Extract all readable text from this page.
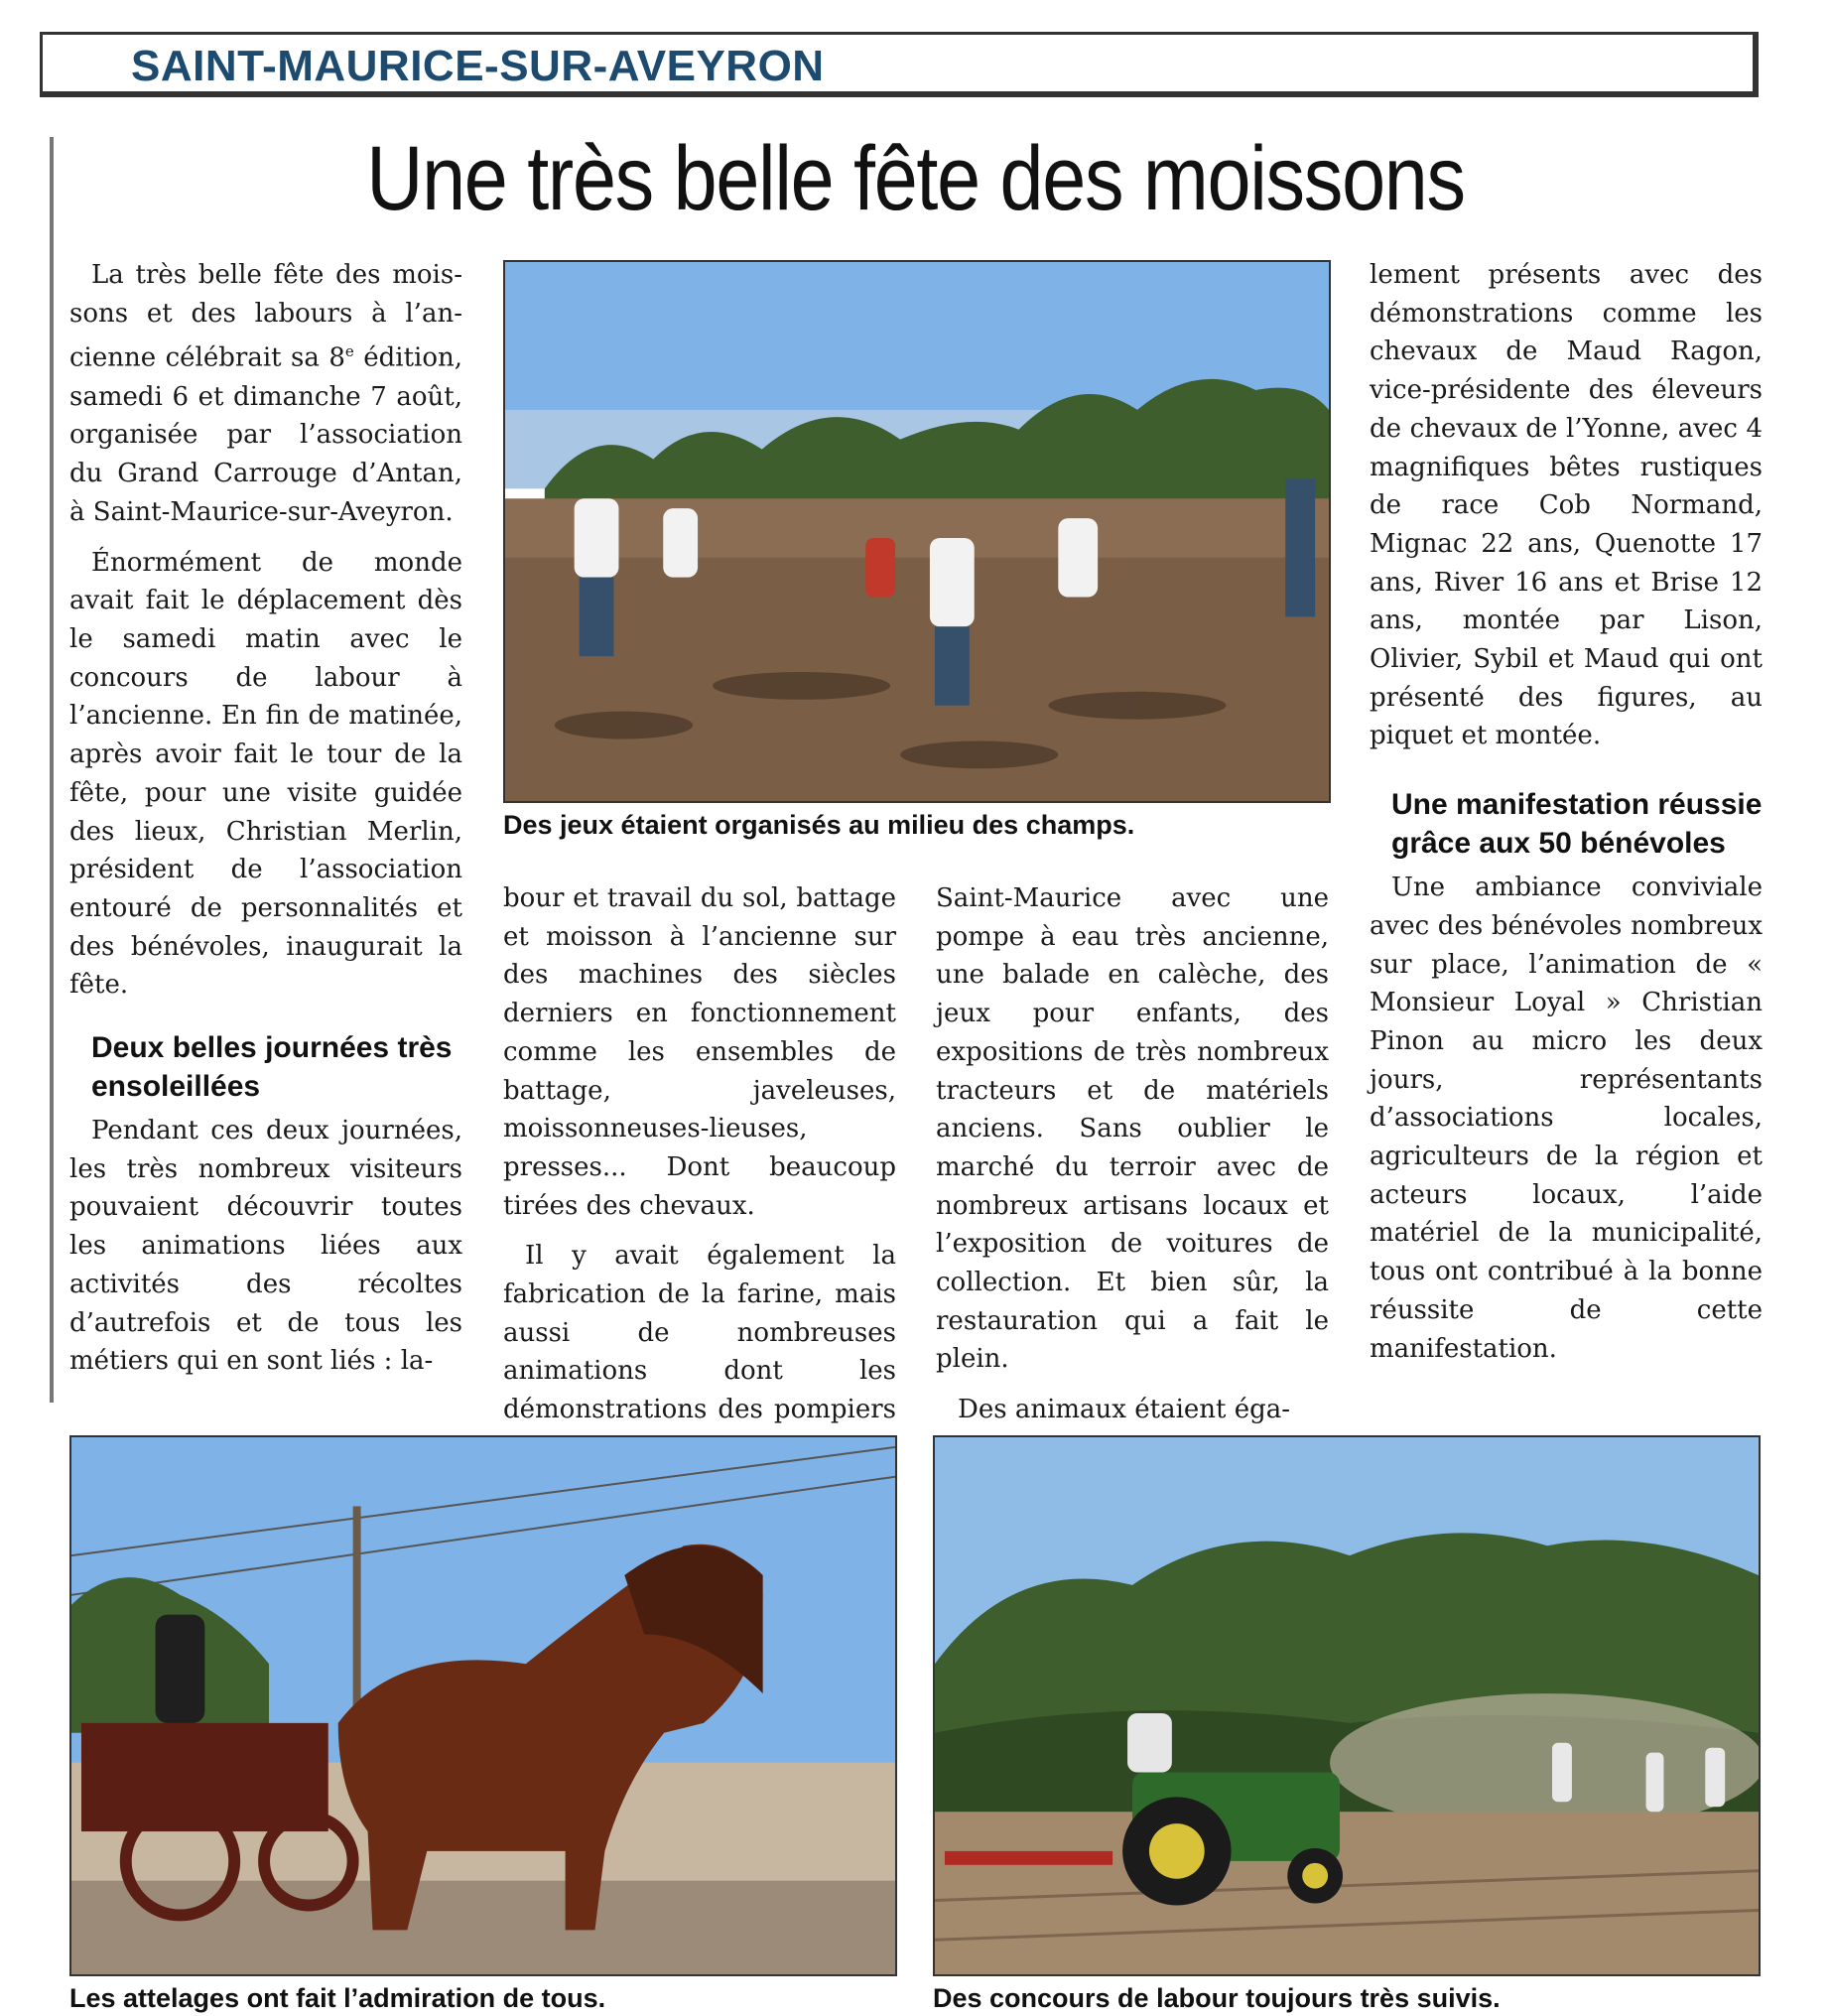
SAINT-MAURICE-SUR-AVEYRON
Une très belle fête des moissons

La très belle fête des moissons et des labours à l’ancienne célébrait sa 8e édition, samedi 6 et dimanche 7 août, organisée par l’association du Grand Carrouge d’Antan, à Saint-Maurice-sur-Aveyron.

Énormément de monde avait fait le déplacement dès le samedi matin avec le concours de labour à l’ancienne. En fin de matinée, après avoir fait le tour de la fête, pour une visite guidée des lieux, Christian Merlin, président de l’association entouré de personnalités et des bénévoles, inaugurait la fête.

Deux belles journées très ensoleillées

Pendant ces deux journées, les très nombreux visiteurs pouvaient découvrir toutes les animations liées aux activités des récoltes d’autrefois et de tous les métiers qui en sont liés : la-

Des jeux étaient organisés au milieu des champs.

bour et travail du sol, battage et moisson à l’ancienne sur des machines des siècles derniers en fonctionnement comme les ensembles de battage, javeleuses, moissonneuses-lieuses, presses... Dont beaucoup tirées des chevaux.

Il y avait également la fabrication de la farine, mais aussi de nombreuses animations dont les démonstrations des pompiers

Saint-Maurice avec une pompe à eau très ancienne, une balade en calèche, des jeux pour enfants, des expositions de très nombreux tracteurs et de matériels anciens. Sans oublier le marché du terroir avec de nombreux artisans locaux et l’exposition de voitures de collection. Et bien sûr, la restauration qui a fait le plein.

Des animaux étaient éga-

lement présents avec des démonstrations comme les chevaux de Maud Ragon, vice-présidente des éleveurs de chevaux de l’Yonne, avec 4 magnifiques bêtes rustiques de race Cob Normand, Mignac 22 ans, Quenotte 17 ans, River 16 ans et Brise 12 ans, montée par Lison, Olivier, Sybil et Maud qui ont présenté des figures, au piquet et montée.

Une manifestation réussie grâce aux 50 bénévoles

Une ambiance conviviale avec des bénévoles nombreux sur place, l’animation de « Monsieur Loyal » Christian Pinon au micro les deux jours, représentants d’associations locales, agriculteurs de la région et acteurs locaux, l’aide matériel de la municipalité, tous ont contribué à la bonne réussite de cette manifestation.

Les attelages ont fait l’admiration de tous.	Des concours de labour toujours très suivis.
